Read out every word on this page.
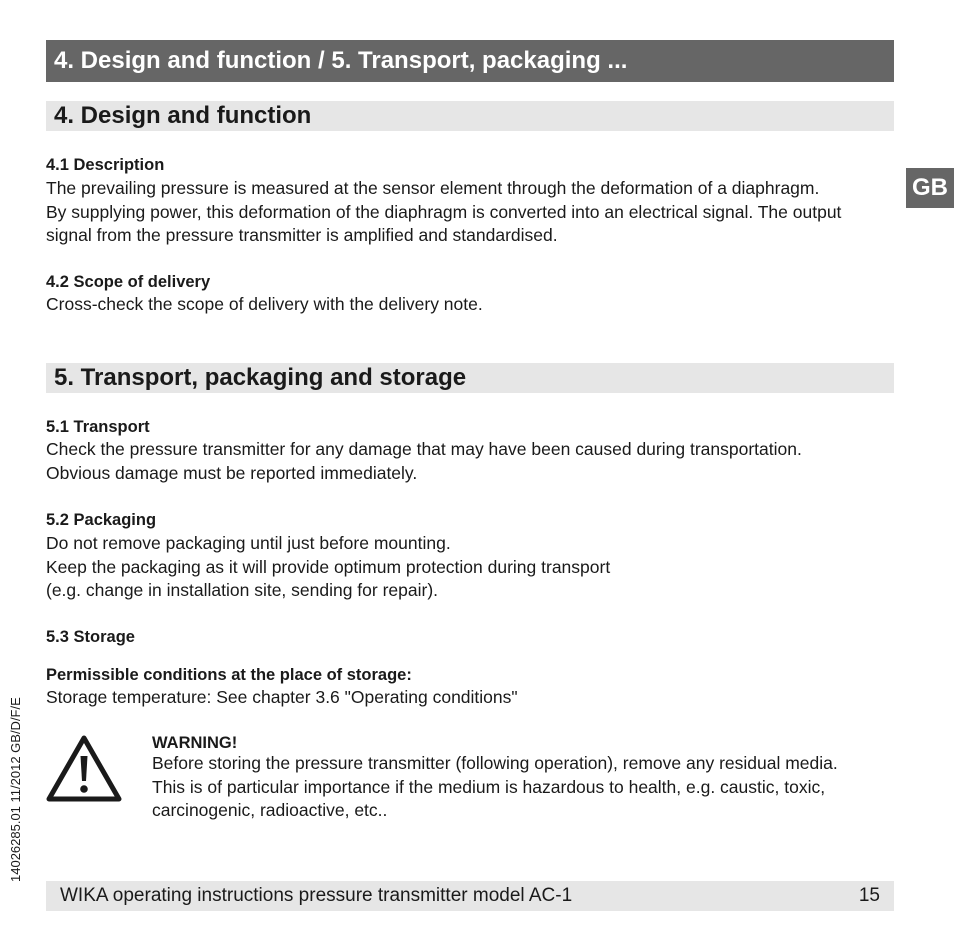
4. Design and function / 5. Transport, packaging ...
GB
4. Design and function
4.1 Description
The prevailing pressure is measured at the sensor element through the deformation of a diaphragm.
By supplying power, this deformation of the diaphragm is converted into an electrical signal. The output
signal from the pressure transmitter is amplified and standardised.
4.2 Scope of delivery
Cross-check the scope of delivery with the delivery note.
5. Transport, packaging and storage
5.1 Transport
Check the pressure transmitter for any damage that may have been caused during transportation.
Obvious damage must be reported immediately.
5.2 Packaging
Do not remove packaging until just before mounting.
Keep the packaging as it will provide optimum protection during transport
(e.g. change in installation site, sending for repair).
5.3 Storage
Permissible conditions at the place of storage:
Storage temperature: See chapter 3.6 "Operating conditions"
WARNING!
Before storing the pressure transmitter (following operation), remove any residual media.
This is of particular importance if the medium is hazardous to health, e.g. caustic, toxic,
carcinogenic, radioactive, etc..
14026285.01 11/2012 GB/D/F/E
WIKA operating instructions pressure transmitter model AC-1	15
